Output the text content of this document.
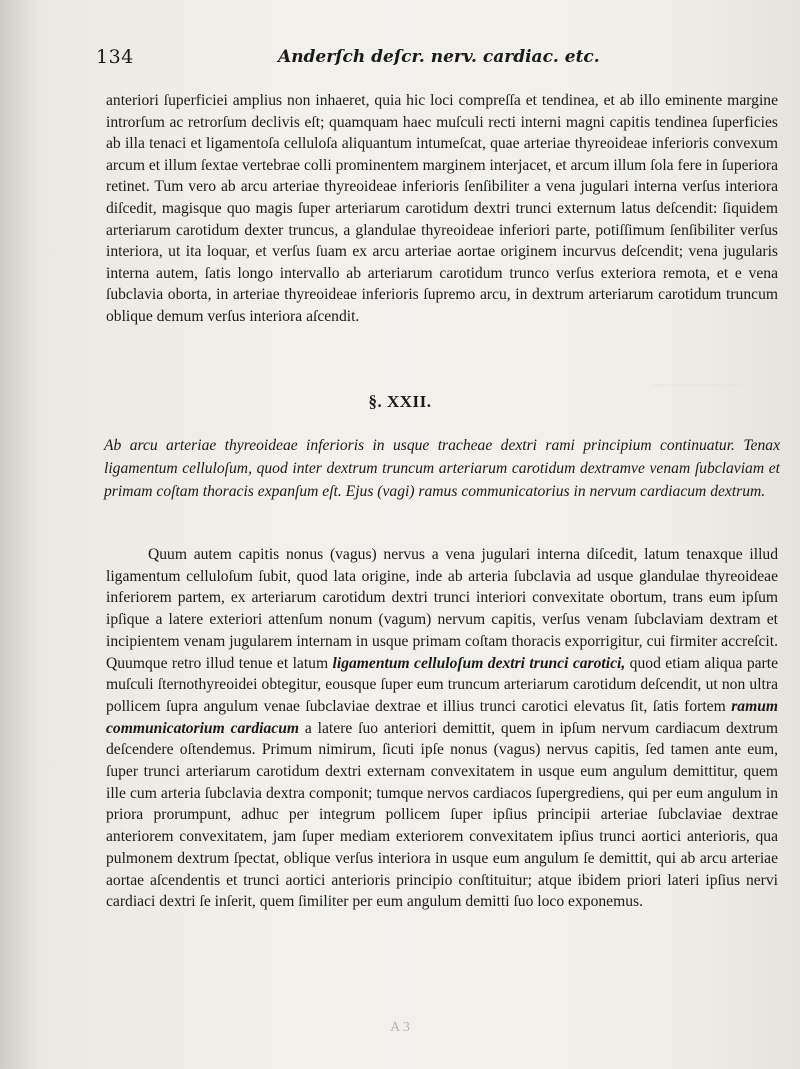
...........................
134	Anderſch deſcr. nerv. cardiac. etc.
anteriori ſuperficiei amplius non inhaeret, quia hic loci compreſſa et tendinea, et ab illo eminente margine introrſum ac retrorſum declivis eſt; quamquam haec muſculi recti interni magni capitis tendinea ſuperficies ab illa tenaci et ligamentoſa celluloſa aliquantum intumeſcat, quae arteriae thyreoideae inferioris convexum arcum et illum ſextae vertebrae colli prominentem marginem interjacet, et arcum illum ſola fere in ſuperiora retinet. Tum vero ab arcu arteriae thyreoideae inferioris ſenſibiliter a vena jugulari interna verſus interiora diſcedit, magisque quo magis ſuper arteriarum carotidum dextri trunci externum latus deſcendit: ſiquidem arteriarum carotidum dexter truncus, a glandulae thyreoideae inferiori parte, potiſſimum ſenſibiliter verſus interiora, ut ita loquar, et verſus ſuam ex arcu arteriae aortae originem incurvus deſcendit; vena jugularis interna autem, ſatis longo intervallo ab arteriarum carotidum trunco verſus exteriora remota, et e vena ſubclavia oborta, in arteriae thyreoideae inferioris ſupremo arcu, in dextrum arteriarum carotidum truncum oblique demum verſus interiora aſcendit.
§. XXII.
Ab arcu arteriae thyreoideae inferioris in usque tracheae dextri rami principium continuatur. Tenax ligamentum celluloſum, quod inter dextrum truncum arteriarum carotidum dextramve venam ſubclaviam et primam coſtam thoracis expanſum eſt. Ejus (vagi) ramus communicatorius in nervum cardiacum dextrum.
Quum autem capitis nonus (vagus) nervus a vena jugulari interna diſcedit, latum tenaxque illud ligamentum celluloſum ſubit, quod lata origine, inde ab arteria ſubclavia ad usque glandulae thyreoideae inferiorem partem, ex arteriarum carotidum dextri trunci interiori convexitate obortum, trans eum ipſum ipſique a latere exteriori attenſum nonum (vagum) nervum capitis, verſus venam ſubclaviam dextram et incipientem venam jugularem internam in usque primam coſtam thoracis exporrigitur, cui firmiter accreſcit. Quumque retro illud tenue et latum ligamentum celluloſum dextri trunci carotici, quod etiam aliqua parte muſculi ſternothyreoidei obtegitur, eousque ſuper eum truncum arteriarum carotidum deſcendit, ut non ultra pollicem ſupra angulum venae ſubclaviae dextrae et illius trunci carotici elevatus ſit, ſatis fortem ramum communicatorium cardiacum a latere ſuo anteriori demittit, quem in ipſum nervum cardiacum dextrum deſcendere oſtendemus. Primum nimirum, ſicuti ipſe nonus (vagus) nervus capitis, ſed tamen ante eum, ſuper trunci arteriarum carotidum dextri externam convexitatem in usque eum angulum demittitur, quem ille cum arteria ſubclavia dextra componit; tumque nervos cardiacos ſupergrediens, qui per eum angulum in priora prorumpunt, adhuc per integrum pollicem ſuper ipſius principii arteriae ſubclaviae dextrae anteriorem convexitatem, jam ſuper mediam exteriorem convexitatem ipſius trunci aortici anterioris, qua pulmonem dextrum ſpectat, oblique verſus interiora in usque eum angulum ſe demittit, qui ab arcu arteriae aortae aſcendentis et trunci aortici anterioris principio conſtituitur; atque ibidem priori lateri ipſius nervi cardiaci dextri ſe inſerit, quem ſimiliter per eum angulum demitti ſuo loco exponemus.
A 3
